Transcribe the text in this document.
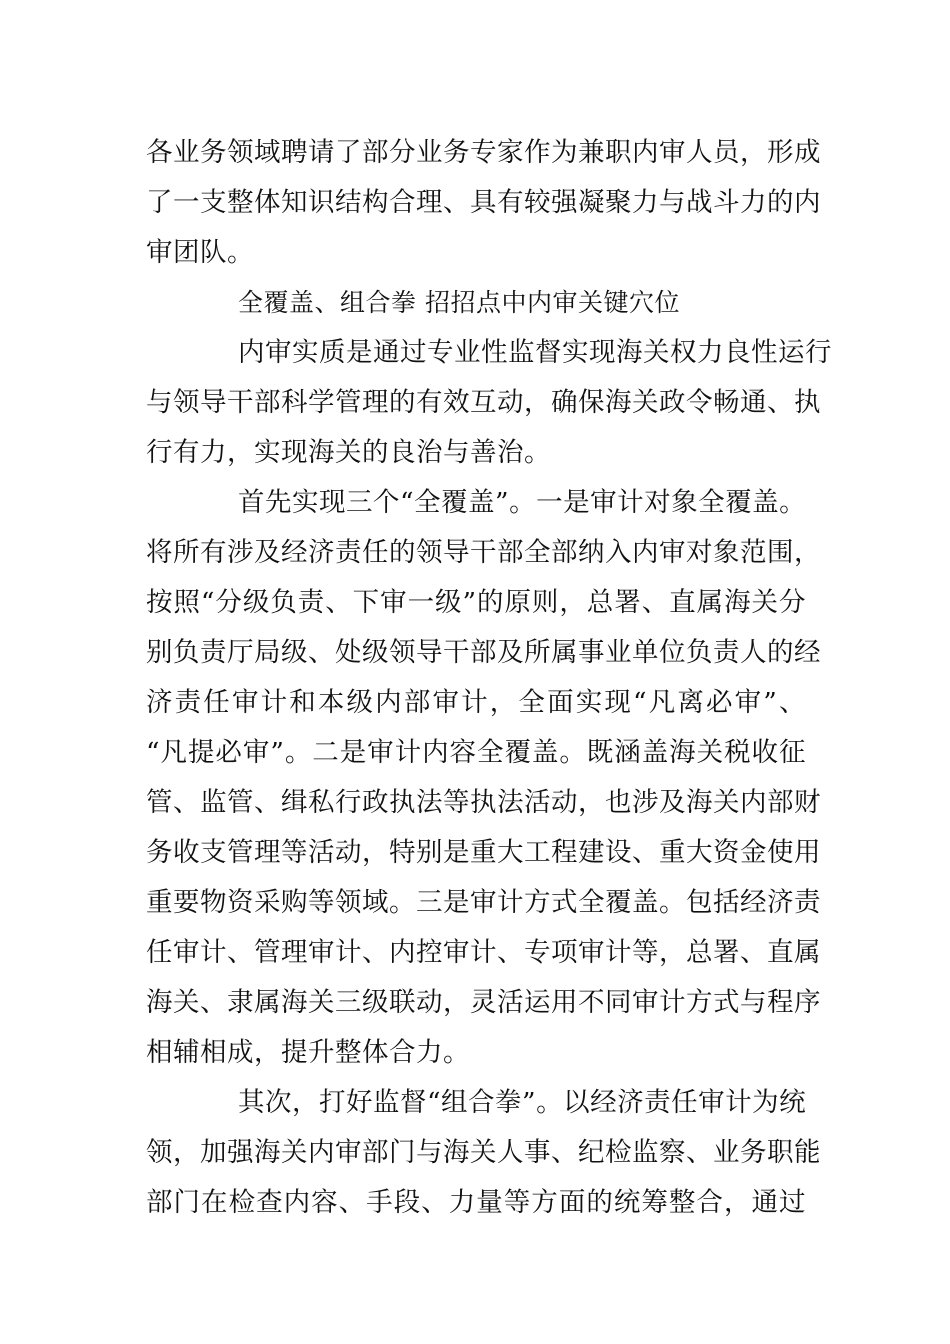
各业务领域聘请了部分业务专家作为兼职内审人员，形成
了一支整体知识结构合理、具有较强凝聚力与战斗力的内
审团队。
全覆盖、组合拳 招招点中内审关键穴位
内审实质是通过专业性监督实现海关权力良性运行
与领导干部科学管理的有效互动，确保海关政令畅通、执
行有力，实现海关的良治与善治。
首先实现三个“全覆盖”。一是审计对象全覆盖。
将所有涉及经济责任的领导干部全部纳入内审对象范围，
按照“分级负责、下审一级”的原则，总署、直属海关分
别负责厅局级、处级领导干部及所属事业单位负责人的经
济责任审计和本级内部审计，全面实现“凡离必审”、
“凡提必审”。二是审计内容全覆盖。既涵盖海关税收征
管、监管、缉私行政执法等执法活动，也涉及海关内部财
务收支管理等活动，特别是重大工程建设、重大资金使用
重要物资采购等领域。三是审计方式全覆盖。包括经济责
任审计、管理审计、内控审计、专项审计等，总署、直属
海关、隶属海关三级联动，灵活运用不同审计方式与程序
相辅相成，提升整体合力。
其次，打好监督“组合拳”。以经济责任审计为统
领，加强海关内审部门与海关人事、纪检监察、业务职能
部门在检查内容、手段、力量等方面的统筹整合，通过
